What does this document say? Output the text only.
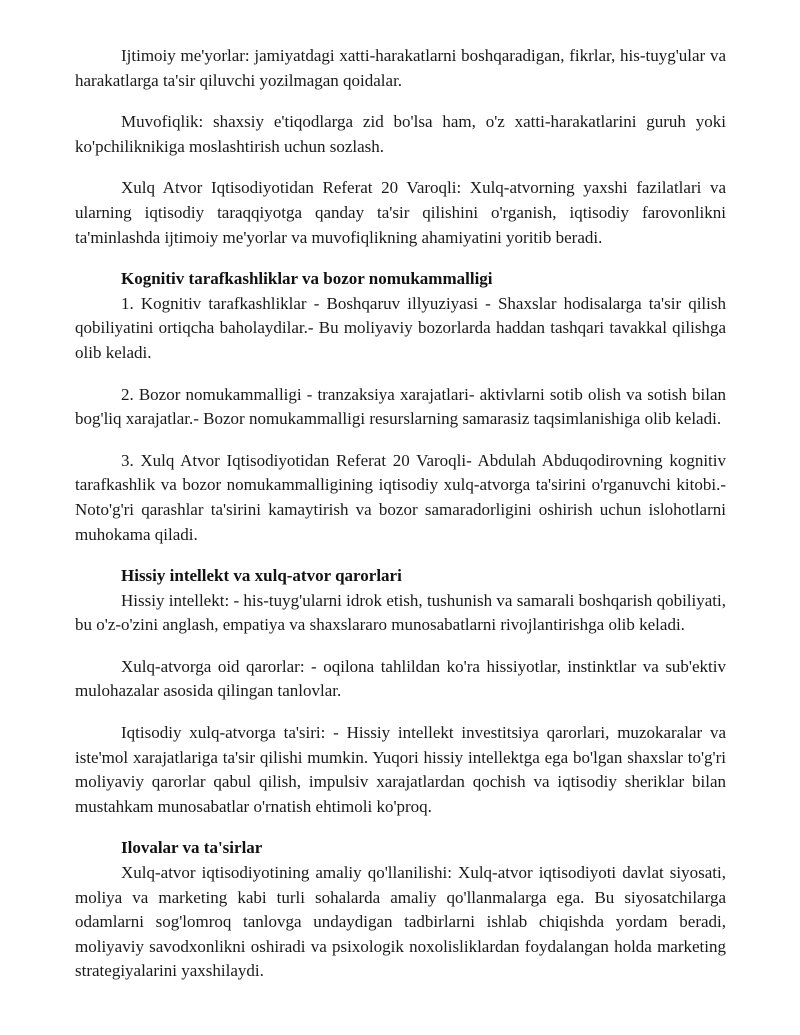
Ijtimoiy me'yorlar: jamiyatdagi xatti-harakatlarni boshqaradigan, fikrlar, his-tuyg'ular va harakatlarga ta'sir qiluvchi yozilmagan qoidalar.

Muvofiqlik: shaxsiy e'tiqodlarga zid bo'lsa ham, o'z xatti-harakatlarini guruh yoki ko'pchiliknikiga moslashtirish uchun sozlash.

Xulq Atvor Iqtisodiyotidan Referat 20 Varoqli: Xulq-atvorning yaxshi fazilatlari va ularning iqtisodiy taraqqiyotga qanday ta'sir qilishini o'rganish, iqtisodiy farovonlikni ta'minlashda ijtimoiy me'yorlar va muvofiqlikning ahamiyatini yoritib beradi.

Kognitiv tarafkashliklar va bozor nomukammalligi

1. Kognitiv tarafkashliklar - Boshqaruv illyuziyasi - Shaxslar hodisalarga ta'sir qilish qobiliyatini ortiqcha baholaydilar.- Bu moliyaviy bozorlarda haddan tashqari tavakkal qilishga olib keladi.

2. Bozor nomukammalligi - tranzaksiya xarajatlari- aktivlarni sotib olish va sotish bilan bog'liq xarajatlar.- Bozor nomukammalligi resurslarning samarasiz taqsimlanishiga olib keladi.

3. Xulq Atvor Iqtisodiyotidan Referat 20 Varoqli- Abdulah Abduqodirovning kognitiv tarafkashlik va bozor nomukammalligining iqtisodiy xulq-atvorga ta'sirini o'rganuvchi kitobi.- Noto'g'ri qarashlar ta'sirini kamaytirish va bozor samaradorligini oshirish uchun islohotlarni muhokama qiladi.

Hissiy intellekt va xulq-atvor qarorlari

Hissiy intellekt: - his-tuyg'ularni idrok etish, tushunish va samarali boshqarish qobiliyati, bu o'z-o'zini anglash, empatiya va shaxslararo munosabatlarni rivojlantirishga olib keladi.

Xulq-atvorga oid qarorlar: - oqilona tahlildan ko'ra hissiyotlar, instinktlar va sub'ektiv mulohazalar asosida qilingan tanlovlar.

Iqtisodiy xulq-atvorga ta'siri: - Hissiy intellekt investitsiya qarorlari, muzokaralar va iste'mol xarajatlariga ta'sir qilishi mumkin. Yuqori hissiy intellektga ega bo'lgan shaxslar to'g'ri moliyaviy qarorlar qabul qilish, impulsiv xarajatlardan qochish va iqtisodiy sheriklar bilan mustahkam munosabatlar o'rnatish ehtimoli ko'proq.

Ilovalar va ta'sirlar

Xulq-atvor iqtisodiyotining amaliy qo'llanilishi: Xulq-atvor iqtisodiyoti davlat siyosati, moliya va marketing kabi turli sohalarda amaliy qo'llanmalarga ega. Bu siyosatchilarga odamlarni sog'lomroq tanlovga undaydigan tadbirlarni ishlab chiqishda yordam beradi, moliyaviy savodxonlikni oshiradi va psixologik noxolisliklardan foydalangan holda marketing strategiyalarini yaxshilaydi.
